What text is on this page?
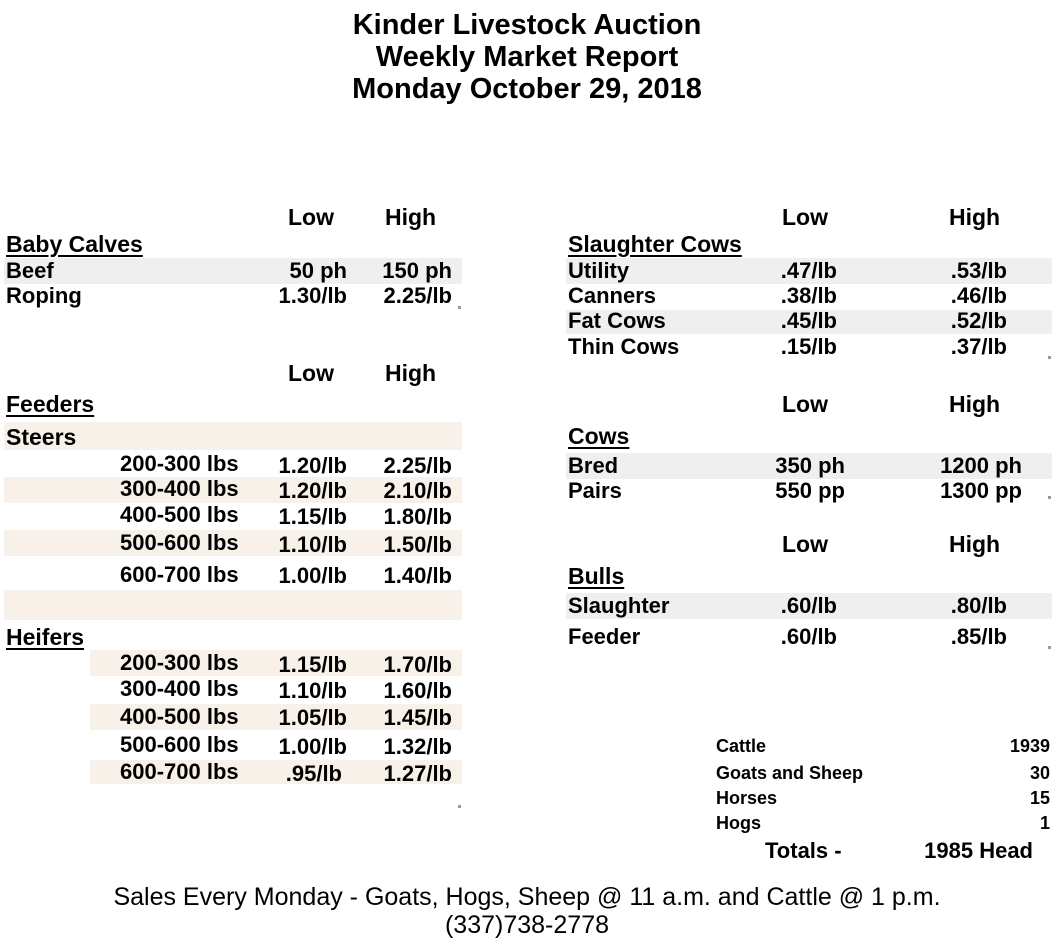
Kinder Livestock Auction
Weekly Market Report
Monday October 29, 2018
Low High
Baby Calves
Beef	50 ph	150 ph
Roping	1.30/lb	2.25/lb
Low High
Feeders
Steers
200-300 lbs	1.20/lb	2.25/lb
300-400 lbs	1.20/lb	2.10/lb
400-500 lbs	1.15/lb	1.80/lb
500-600 lbs	1.10/lb	1.50/lb
600-700 lbs	1.00/lb	1.40/lb
Heifers
200-300 lbs	1.15/lb	1.70/lb
300-400 lbs	1.10/lb	1.60/lb
400-500 lbs	1.05/lb	1.45/lb
500-600 lbs	1.00/lb	1.32/lb
600-700 lbs	.95/lb	1.27/lb
Low	High
Slaughter Cows
Utility	.47/lb	.53/lb
Canners	.38/lb	.46/lb
Fat Cows	.45/lb	.52/lb
Thin Cows	.15/lb	.37/lb
Low	High
Cows
Bred	350 ph	1200 ph
Pairs	550 pp	1300 pp
Low	High
Bulls
Slaughter	.60/lb	.80/lb
Feeder	.60/lb	.85/lb
Cattle	1939
Goats and Sheep	30
Horses	15
Hogs	1
Totals -	1985 Head
Sales Every Monday - Goats, Hogs, Sheep @ 11 a.m. and Cattle @ 1 p.m.
(337)738-2778
